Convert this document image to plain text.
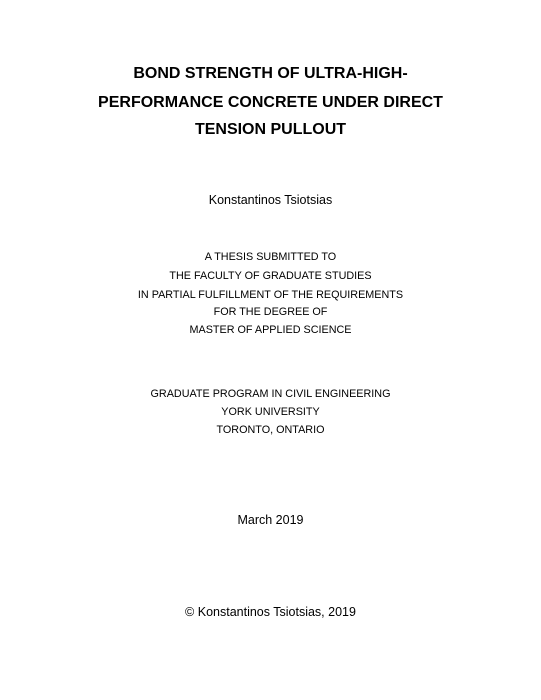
BOND STRENGTH OF ULTRA-HIGH-
PERFORMANCE CONCRETE UNDER DIRECT
TENSION PULLOUT
Konstantinos Tsiotsias
A THESIS SUBMITTED TO
THE FACULTY OF GRADUATE STUDIES
IN PARTIAL FULFILLMENT OF THE REQUIREMENTS
FOR THE DEGREE OF
MASTER OF APPLIED SCIENCE
GRADUATE PROGRAM IN CIVIL ENGINEERING
YORK UNIVERSITY
TORONTO, ONTARIO
March 2019
© Konstantinos Tsiotsias, 2019
